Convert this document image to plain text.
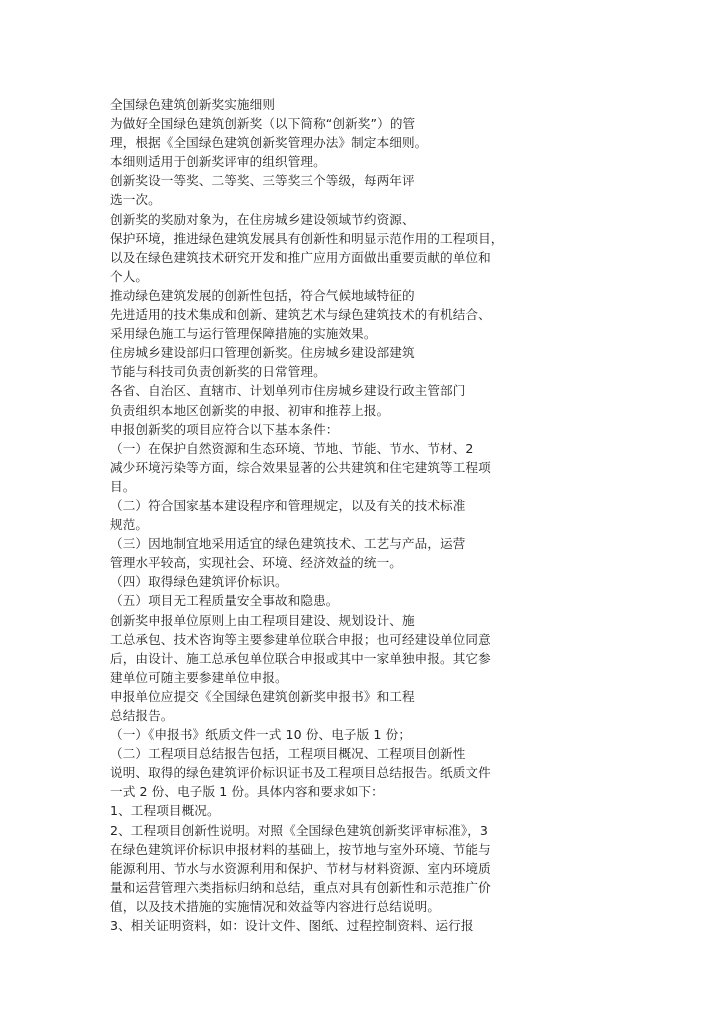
全国绿色建筑创新奖实施细则
为做好全国绿色建筑创新奖（以下简称“创新奖”）的管
理，根据《全国绿色建筑创新奖管理办法》制定本细则。
本细则适用于创新奖评审的组织管理。
创新奖设一等奖、二等奖、三等奖三个等级，每两年评
选一次。
创新奖的奖励对象为，在住房城乡建设领域节约资源、
保护环境，推进绿色建筑发展具有创新性和明显示范作用的工程项目，
以及在绿色建筑技术研究开发和推广应用方面做出重要贡献的单位和
个人。
推动绿色建筑发展的创新性包括，符合气候地域特征的
先进适用的技术集成和创新、建筑艺术与绿色建筑技术的有机结合、
采用绿色施工与运行管理保障措施的实施效果。
住房城乡建设部归口管理创新奖。住房城乡建设部建筑
节能与科技司负责创新奖的日常管理。
各省、自治区、直辖市、计划单列市住房城乡建设行政主管部门
负责组织本地区创新奖的申报、初审和推荐上报。
申报创新奖的项目应符合以下基本条件：
（一）在保护自然资源和生态环境、节地、节能、节水、节材、2
减少环境污染等方面，综合效果显著的公共建筑和住宅建筑等工程项
目。
（二）符合国家基本建设程序和管理规定，以及有关的技术标准
规范。
（三）因地制宜地采用适宜的绿色建筑技术、工艺与产品，运营
管理水平较高，实现社会、环境、经济效益的统一。
（四）取得绿色建筑评价标识。
（五）项目无工程质量安全事故和隐患。
创新奖申报单位原则上由工程项目建设、规划设计、施
工总承包、技术咨询等主要参建单位联合申报；也可经建设单位同意
后，由设计、施工总承包单位联合申报或其中一家单独申报。其它参
建单位可随主要参建单位申报。
申报单位应提交《全国绿色建筑创新奖申报书》和工程
总结报告。
（一）《申报书》纸质文件一式 10 份、电子版 1 份；
（二）工程项目总结报告包括，工程项目概况、工程项目创新性
说明、取得的绿色建筑评价标识证书及工程项目总结报告。纸质文件
一式 2 份、电子版 1 份。具体内容和要求如下：
1、工程项目概况。
2、工程项目创新性说明。对照《全国绿色建筑创新奖评审标准》，3
在绿色建筑评价标识申报材料的基础上，按节地与室外环境、节能与
能源利用、节水与水资源利用和保护、节材与材料资源、室内环境质
量和运营管理六类指标归纳和总结，重点对具有创新性和示范推广价
值，以及技术措施的实施情况和效益等内容进行总结说明。
3、相关证明资料，如：设计文件、图纸、过程控制资料、运行报
